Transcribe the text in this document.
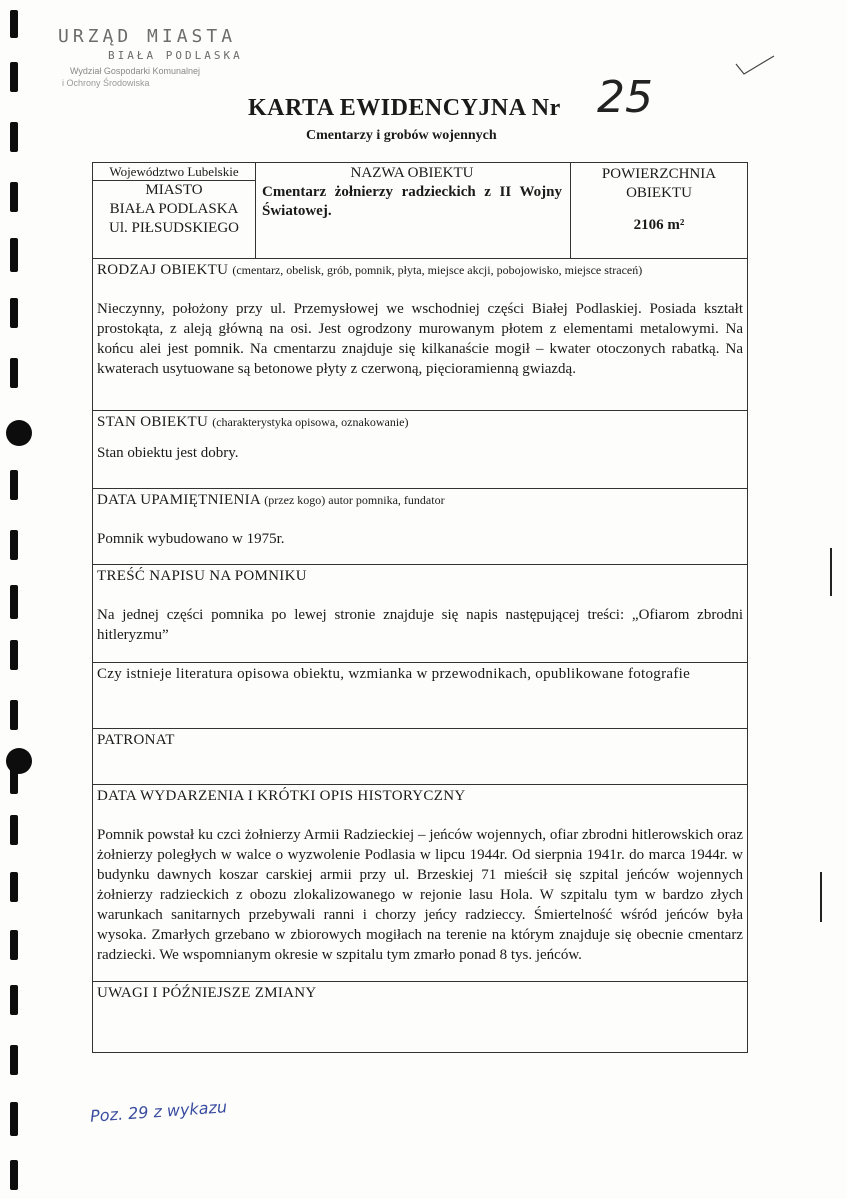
URZĄD MIASTA
BIAŁA PODLASKA
Wydział Gospodarki Komunalnej
i Ochrony Środowiska
KARTA EWIDENCYJNA Nr 25
Cmentarzy i grobów wojennych
Województwo Lubelskie
MIASTO
BIAŁA PODLASKA
Ul. PIŁSUDSKIEGO
NAZWA OBIEKTU
Cmentarz żołnierzy radzieckich z II Wojny Światowej.
POWIERZCHNIA OBIEKTU
2106 m²
RODZAJ OBIEKTU (cmentarz, obelisk, grób, pomnik, płyta, miejsce akcji, pobojowisko, miejsce straceń)
Nieczynny, położony przy ul. Przemysłowej we wschodniej części Białej Podlaskiej. Posiada kształt prostokąta, z aleją główną na osi. Jest ogrodzony murowanym płotem z elementami metalowymi. Na końcu alei jest pomnik. Na cmentarzu znajduje się kilkanaście mogił – kwater otoczonych rabatką. Na kwaterach usytuowane są betonowe płyty z czerwoną, pięcioramienną gwiazdą.
STAN OBIEKTU (charakterystyka opisowa, oznakowanie)
Stan obiektu jest dobry.
DATA UPAMIĘTNIENIA (przez kogo) autor pomnika, fundator
Pomnik wybudowano w 1975r.
TREŚĆ NAPISU NA POMNIKU
Na jednej części pomnika po lewej stronie znajduje się napis następującej treści: „Ofiarom zbrodni hitleryzmu”
Czy istnieje literatura opisowa obiektu, wzmianka w przewodnikach, opublikowane fotografie
PATRONAT
DATA WYDARZENIA I KRÓTKI OPIS HISTORYCZNY
Pomnik powstał ku czci żołnierzy Armii Radzieckiej – jeńców wojennych, ofiar zbrodni hitlerowskich oraz żołnierzy poległych w walce o wyzwolenie Podlasia w lipcu 1944r. Od sierpnia 1941r. do marca 1944r. w budynku dawnych koszar carskiej armii przy ul. Brzeskiej 71 mieścił się szpital jeńców wojennych żołnierzy radzieckich z obozu zlokalizowanego w rejonie lasu Hola. W szpitalu tym w bardzo złych warunkach sanitarnych przebywali ranni i chorzy jeńcy radzieccy. Śmiertelność wśród jeńców była wysoka. Zmarłych grzebano w zbiorowych mogiłach na terenie na którym znajduje się obecnie cmentarz radziecki. We wspomnianym okresie w szpitalu tym zmarło ponad 8 tys. jeńców.
UWAGI I PÓŹNIEJSZE ZMIANY
Poz. 29 z wykazu
